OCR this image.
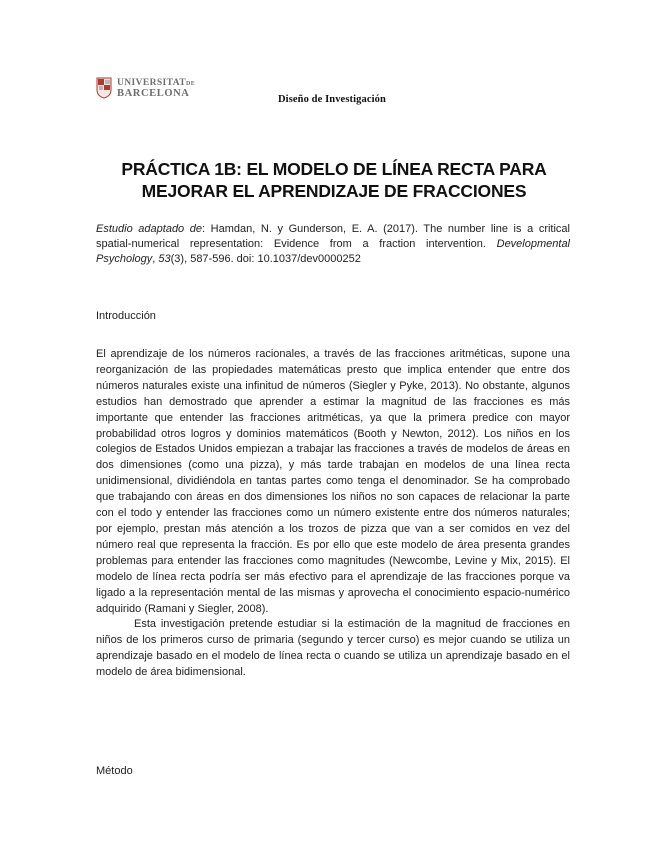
UNIVERSITATDE
BARCELONA
Diseño de Investigación
PRÁCTICA 1B: EL MODELO DE LÍNEA RECTA PARA
MEJORAR EL APRENDIZAJE DE FRACCIONES
Estudio adaptado de: Hamdan, N. y Gunderson, E. A. (2017). The number line is a critical spatial-numerical representation: Evidence from a fraction intervention. Developmental Psychology, 53(3), 587-596. doi: 10.1037/dev0000252
Introducción

El aprendizaje de los números racionales, a través de las fracciones aritméticas, supone una reorganización de las propiedades matemáticas presto que implica entender que entre dos números naturales existe una infinitud de números (Siegler y Pyke, 2013). No obstante, algunos estudios han demostrado que aprender a estimar la magnitud de las fracciones es más importante que entender las fracciones aritméticas, ya que la primera predice con mayor probabilidad otros logros y dominios matemáticos (Booth y Newton, 2012). Los niños en los colegios de Estados Unidos empiezan a trabajar las fracciones a través de modelos de áreas en dos dimensiones (como una pizza), y más tarde trabajan en modelos de una línea recta unidimensional, dividiéndola en tantas partes como tenga el denominador. Se ha comprobado que trabajando con áreas en dos dimensiones los niños no son capaces de relacionar la parte con el todo y entender las fracciones como un número existente entre dos números naturales; por ejemplo, prestan más atención a los trozos de pizza que van a ser comidos en vez del número real que representa la fracción. Es por ello que este modelo de área presenta grandes problemas para entender las fracciones como magnitudes (Newcombe, Levine y Mix, 2015). El modelo de línea recta podría ser más efectivo para el aprendizaje de las fracciones porque va ligado a la representación mental de las mismas y aprovecha el conocimiento espacio-numérico adquirido (Ramani y Siegler, 2008).

Esta investigación pretende estudiar si la estimación de la magnitud de fracciones en niños de los primeros curso de primaria (segundo y tercer curso) es mejor cuando se utiliza un aprendizaje basado en el modelo de línea recta o cuando se utiliza un aprendizaje basado en el modelo de área bidimensional.

Método
